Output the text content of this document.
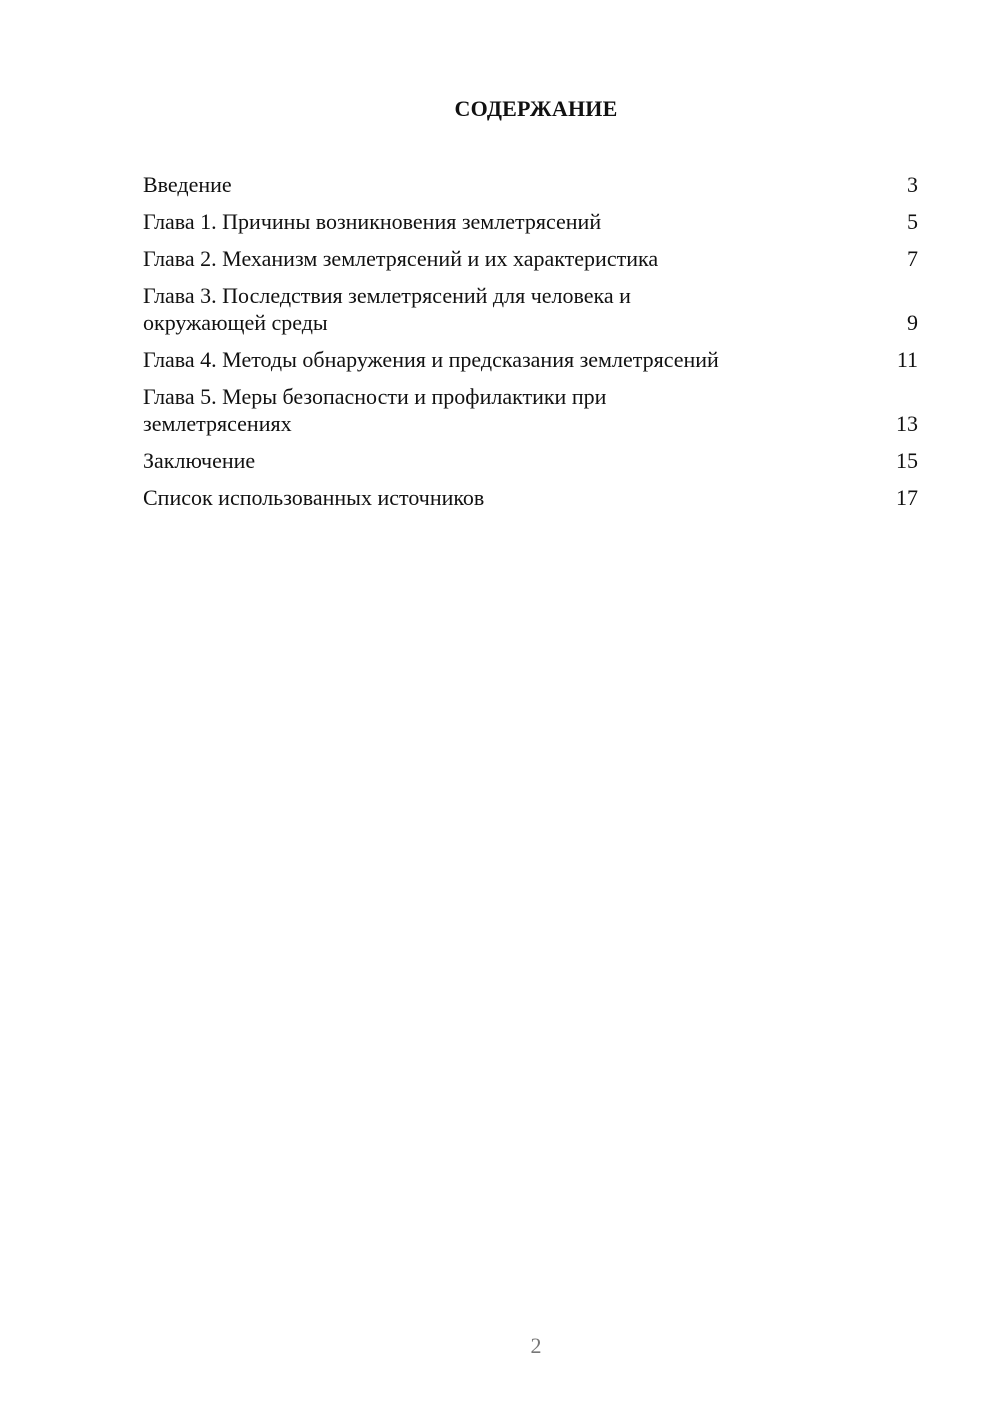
СОДЕРЖАНИЕ
Введение	3
Глава 1. Причины возникновения землетрясений	5
Глава 2. Механизм землетрясений и их характеристика	7
Глава 3. Последствия землетрясений для человека и
окружающей среды	9
Глава 4. Методы обнаружения и предсказания землетрясений	11
Глава 5. Меры безопасности и профилактики при
землетрясениях	13
Заключение	15
Список использованных источников	17
2
